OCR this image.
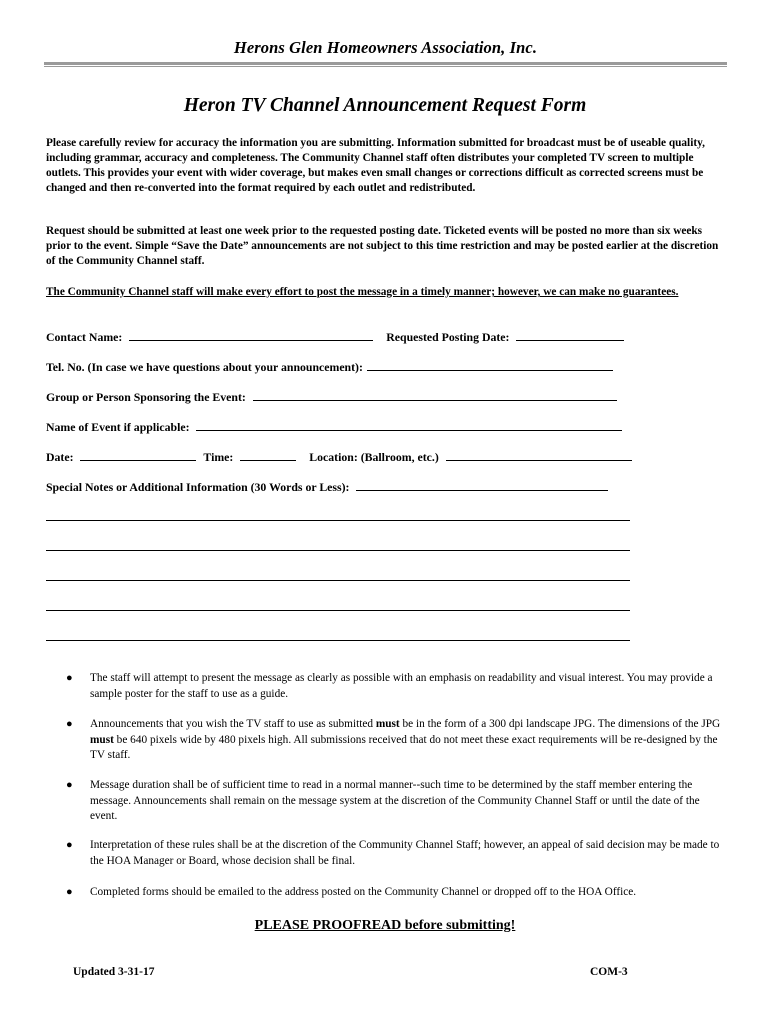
Herons Glen Homeowners Association, Inc.
Heron TV Channel Announcement Request Form

Please carefully review for accuracy the information you are submitting. Information submitted for broadcast must be of useable quality, including grammar, accuracy and completeness. The Community Channel staff often distributes your completed TV screen to multiple outlets. This provides your event with wider coverage, but makes even small changes or corrections difficult as corrected screens must be changed and then re-converted into the format required by each outlet and redistributed.

Request should be submitted at least one week prior to the requested posting date. Ticketed events will be posted no more than six weeks prior to the event. Simple “Save the Date” announcements are not subject to this time restriction and may be posted earlier at the discretion of the Community Channel staff.

The Community Channel staff will make every effort to post the message in a timely manner; however, we can make no guarantees.

Contact Name:	Requested Posting Date:
Tel. No. (In case we have questions about your announcement):
Group or Person Sponsoring the Event:
Name of Event if applicable:
Date:	Time:	Location: (Ballroom, etc.)
Special Notes or Additional Information (30 Words or Less):
● The staff will attempt to present the message as clearly as possible with an emphasis on readability and visual interest. You may provide a sample poster for the staff to use as a guide.
● Announcements that you wish the TV staff to use as submitted must be in the form of a 300 dpi landscape JPG. The dimensions of the JPG must be 640 pixels wide by 480 pixels high. All submissions received that do not meet these exact requirements will be re-designed by the TV staff.
● Message duration shall be of sufficient time to read in a normal manner--such time to be determined by the staff member entering the message. Announcements shall remain on the message system at the discretion of the Community Channel Staff or until the date of the event.
● Interpretation of these rules shall be at the discretion of the Community Channel Staff; however, an appeal of said decision may be made to the HOA Manager or Board, whose decision shall be final.
● Completed forms should be emailed to the address posted on the Community Channel or dropped off to the HOA Office.
PLEASE PROOFREAD before submitting!
Updated 3-31-17	COM-3
